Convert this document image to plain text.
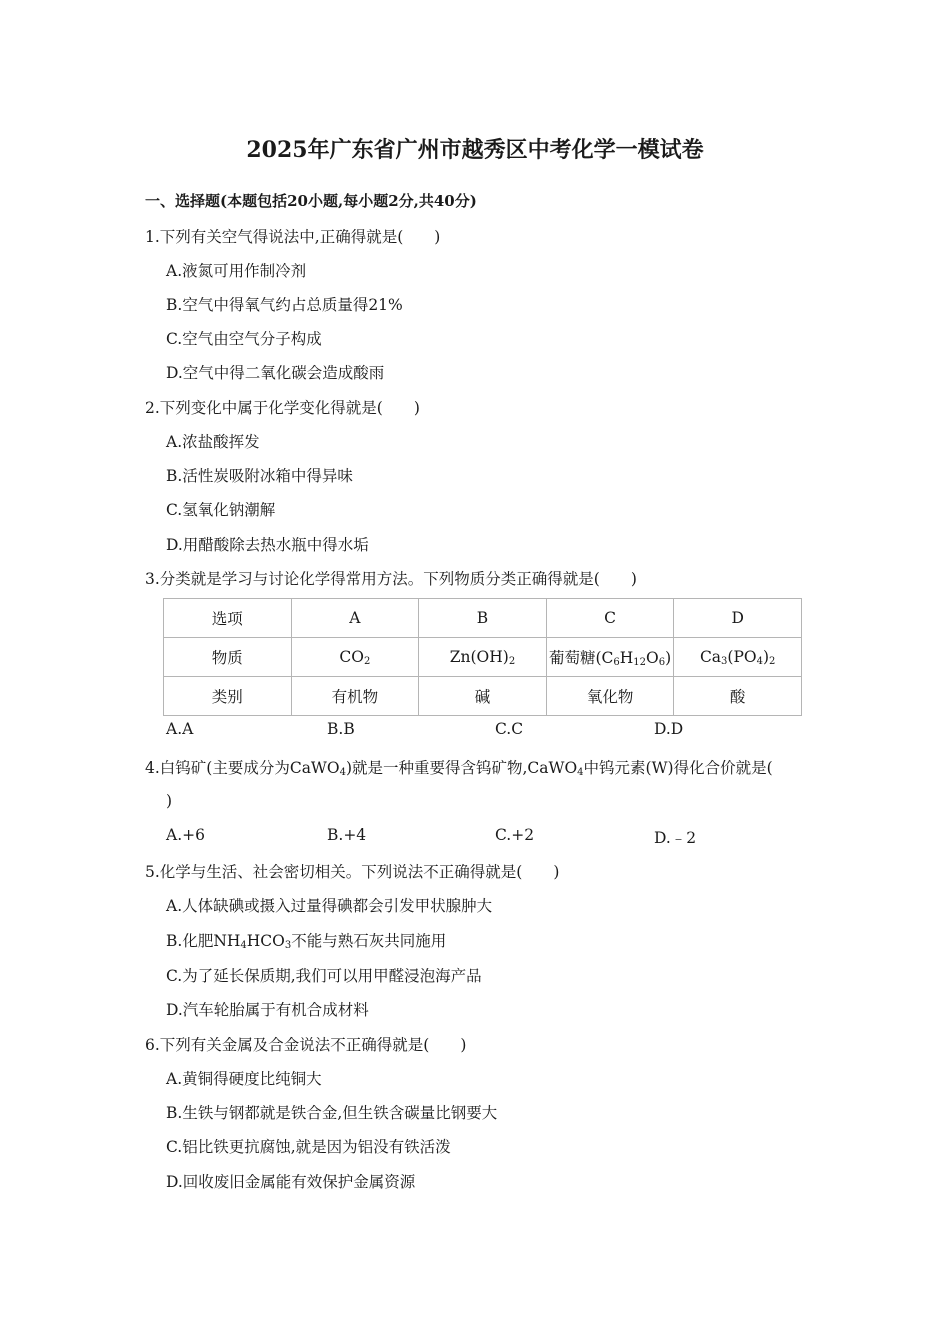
2025年广东省广州市越秀区中考化学一模试卷
一、选择题(本题包括20小题,每小题2分,共40分)
1.下列有关空气得说法中,正确得就是(　　)
A.液氮可用作制冷剂
B.空气中得氧气约占总质量得21%
C.空气由空气分子构成
D.空气中得二氧化碳会造成酸雨
2.下列变化中属于化学变化得就是(　　)
A.浓盐酸挥发
B.活性炭吸附冰箱中得异味
C.氢氧化钠潮解
D.用醋酸除去热水瓶中得水垢
3.分类就是学习与讨论化学得常用方法。下列物质分类正确得就是(　　)
选项	A	B	C	D
物质	$CO_2$	$Zn(OH)_2$	葡萄糖$(C_6H_{12}O_6)$	$Ca_3(PO_4)_2$
类别	有机物	碱	氧化物	酸
A.A	B.B	C.C	D.D
4.白钨矿(主要成分为CaWO$_4$)就是一种重要得含钨矿物,CaWO$_4$中钨元素(W)得化合价就是(
)
A.+6	B.+4	C.+2	D.﹣2
5.化学与生活、社会密切相关。下列说法不正确得就是(　　)
A.人体缺碘或摄入过量得碘都会引发甲状腺肿大
B.化肥$NH_4HCO_3$不能与熟石灰共同施用
C.为了延长保质期,我们可以用甲醛浸泡海产品
D.汽车轮胎属于有机合成材料
6.下列有关金属及合金说法不正确得就是(　　)
A.黄铜得硬度比纯铜大
B.生铁与钢都就是铁合金,但生铁含碳量比钢要大
C.铝比铁更抗腐蚀,就是因为铝没有铁活泼
D.回收废旧金属能有效保护金属资源
